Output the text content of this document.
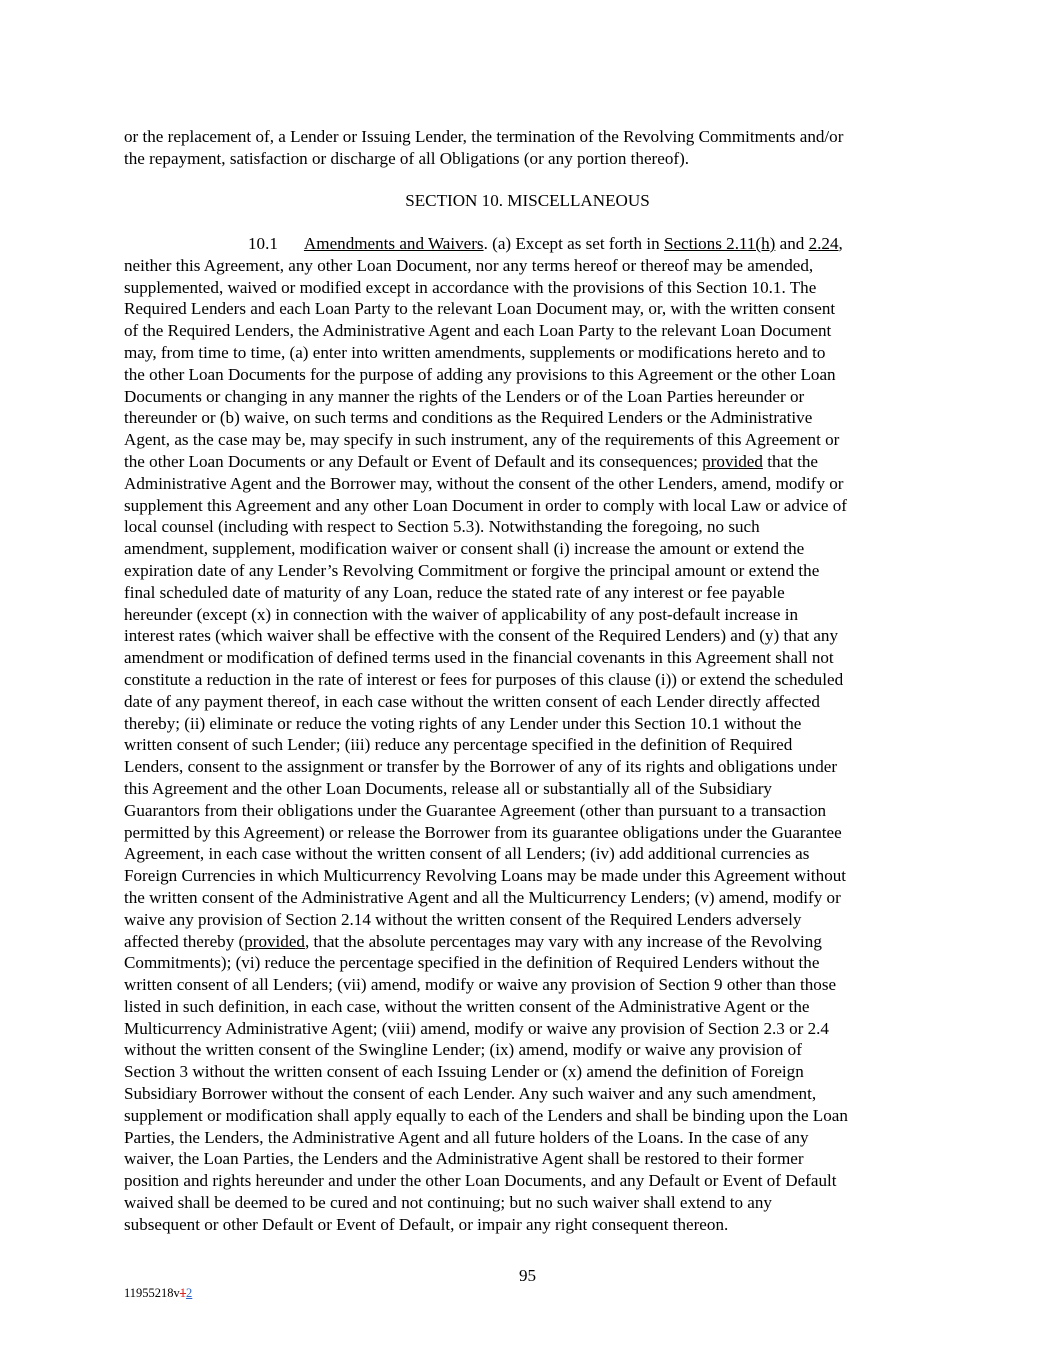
or the replacement of, a Lender or Issuing Lender, the termination of the Revolving Commitments and/or
the repayment, satisfaction or discharge of all Obligations (or any portion thereof).
SECTION 10. MISCELLANEOUS
10.1 Amendments and Waivers. (a) Except as set forth in Sections 2.11(h) and 2.24,
neither this Agreement, any other Loan Document, nor any terms hereof or thereof may be amended,
supplemented, waived or modified except in accordance with the provisions of this Section 10.1. The
Required Lenders and each Loan Party to the relevant Loan Document may, or, with the written consent
of the Required Lenders, the Administrative Agent and each Loan Party to the relevant Loan Document
may, from time to time, (a) enter into written amendments, supplements or modifications hereto and to
the other Loan Documents for the purpose of adding any provisions to this Agreement or the other Loan
Documents or changing in any manner the rights of the Lenders or of the Loan Parties hereunder or
thereunder or (b) waive, on such terms and conditions as the Required Lenders or the Administrative
Agent, as the case may be, may specify in such instrument, any of the requirements of this Agreement or
the other Loan Documents or any Default or Event of Default and its consequences; provided that the
Administrative Agent and the Borrower may, without the consent of the other Lenders, amend, modify or
supplement this Agreement and any other Loan Document in order to comply with local Law or advice of
local counsel (including with respect to Section 5.3). Notwithstanding the foregoing, no such
amendment, supplement, modification waiver or consent shall (i) increase the amount or extend the
expiration date of any Lender’s Revolving Commitment or forgive the principal amount or extend the
final scheduled date of maturity of any Loan, reduce the stated rate of any interest or fee payable
hereunder (except (x) in connection with the waiver of applicability of any post-default increase in
interest rates (which waiver shall be effective with the consent of the Required Lenders) and (y) that any
amendment or modification of defined terms used in the financial covenants in this Agreement shall not
constitute a reduction in the rate of interest or fees for purposes of this clause (i)) or extend the scheduled
date of any payment thereof, in each case without the written consent of each Lender directly affected
thereby; (ii) eliminate or reduce the voting rights of any Lender under this Section 10.1 without the
written consent of such Lender; (iii) reduce any percentage specified in the definition of Required
Lenders, consent to the assignment or transfer by the Borrower of any of its rights and obligations under
this Agreement and the other Loan Documents, release all or substantially all of the Subsidiary
Guarantors from their obligations under the Guarantee Agreement (other than pursuant to a transaction
permitted by this Agreement) or release the Borrower from its guarantee obligations under the Guarantee
Agreement, in each case without the written consent of all Lenders; (iv) add additional currencies as
Foreign Currencies in which Multicurrency Revolving Loans may be made under this Agreement without
the written consent of the Administrative Agent and all the Multicurrency Lenders; (v) amend, modify or
waive any provision of Section 2.14 without the written consent of the Required Lenders adversely
affected thereby (provided, that the absolute percentages may vary with any increase of the Revolving
Commitments); (vi) reduce the percentage specified in the definition of Required Lenders without the
written consent of all Lenders; (vii) amend, modify or waive any provision of Section 9 other than those
listed in such definition, in each case, without the written consent of the Administrative Agent or the
Multicurrency Administrative Agent; (viii) amend, modify or waive any provision of Section 2.3 or 2.4
without the written consent of the Swingline Lender; (ix) amend, modify or waive any provision of
Section 3 without the written consent of each Issuing Lender or (x) amend the definition of Foreign
Subsidiary Borrower without the consent of each Lender. Any such waiver and any such amendment,
supplement or modification shall apply equally to each of the Lenders and shall be binding upon the Loan
Parties, the Lenders, the Administrative Agent and all future holders of the Loans. In the case of any
waiver, the Loan Parties, the Lenders and the Administrative Agent shall be restored to their former
position and rights hereunder and under the other Loan Documents, and any Default or Event of Default
waived shall be deemed to be cured and not continuing; but no such waiver shall extend to any
subsequent or other Default or Event of Default, or impair any right consequent thereon.
95
11955218v12
